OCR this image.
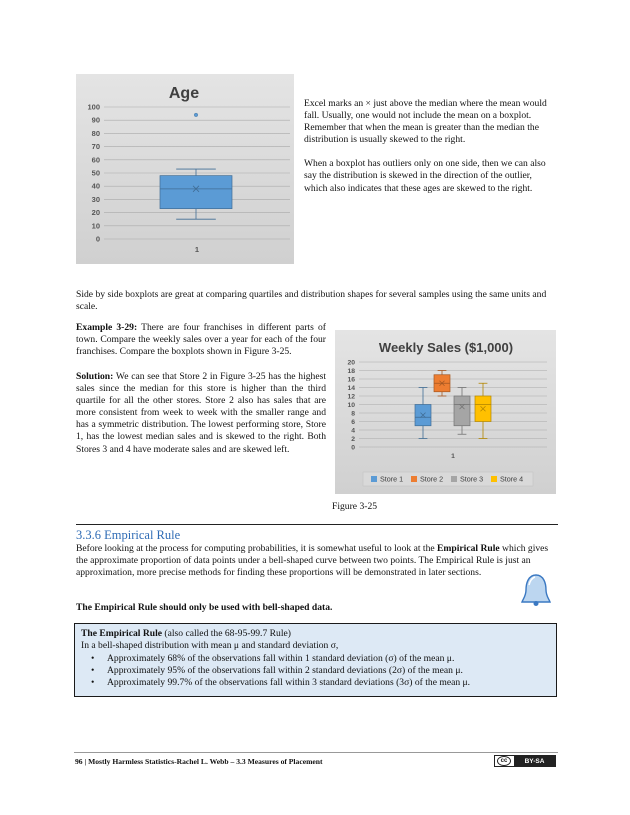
Age
0
10
20
30
40
50
60
70
80
90
100
1

Excel marks an × just above the median where the mean would fall. Usually, one would not include the mean on a boxplot. Remember that when the mean is greater than the median the distribution is usually skewed to the right.

When a boxplot has outliers only on one side, then we can also say the distribution is skewed in the direction of the outlier, which also indicates that these ages are skewed to the right.

Side by side boxplots are great at comparing quartiles and distribution shapes for several samples using the same units and scale.

Example 3-29: There are four franchises in different parts of town. Compare the weekly sales over a year for each of the four franchises. Compare the boxplots shown in Figure 3-25.
Solution: We can see that Store 2 in Figure 3-25 has the highest sales since the median for this store is higher than the third quartile for all the other stores. Store 2 also has sales that are more consistent from week to week with the smaller range and has a symmetric distribution. The lowest performing store, Store 1, has the lowest median sales and is skewed to the right. Both Stores 3 and 4 have moderate sales and are skewed left.
Weekly Sales ($1,000)
0
2
4
6
8
10
12
14
16
18
20
1
Store 1 Store 2 Store 3 Store 4
Figure 3-25
3.3.6 Empirical Rule

Before looking at the process for computing probabilities, it is somewhat useful to look at the Empirical Rule which gives the approximate proportion of data points under a bell-shaped curve between two points. The Empirical Rule is just an approximation, more precise methods for finding these proportions will be demonstrated in later sections.

The Empirical Rule should only be used with bell-shaped data.

The Empirical Rule (also called the 68-95-99.7 Rule)

In a bell-shaped distribution with mean μ and standard deviation σ,

• Approximately 68% of the observations fall within 1 standard deviation (σ) of the mean μ.
• Approximately 95% of the observations fall within 2 standard deviations (2σ) of the mean μ.
• Approximately 99.7% of the observations fall within 3 standard deviations (3σ) of the mean μ.
96 | Mostly Harmless Statistics-Rachel L. Webb – 3.3 Measures of Placement	cc	BY-SA
